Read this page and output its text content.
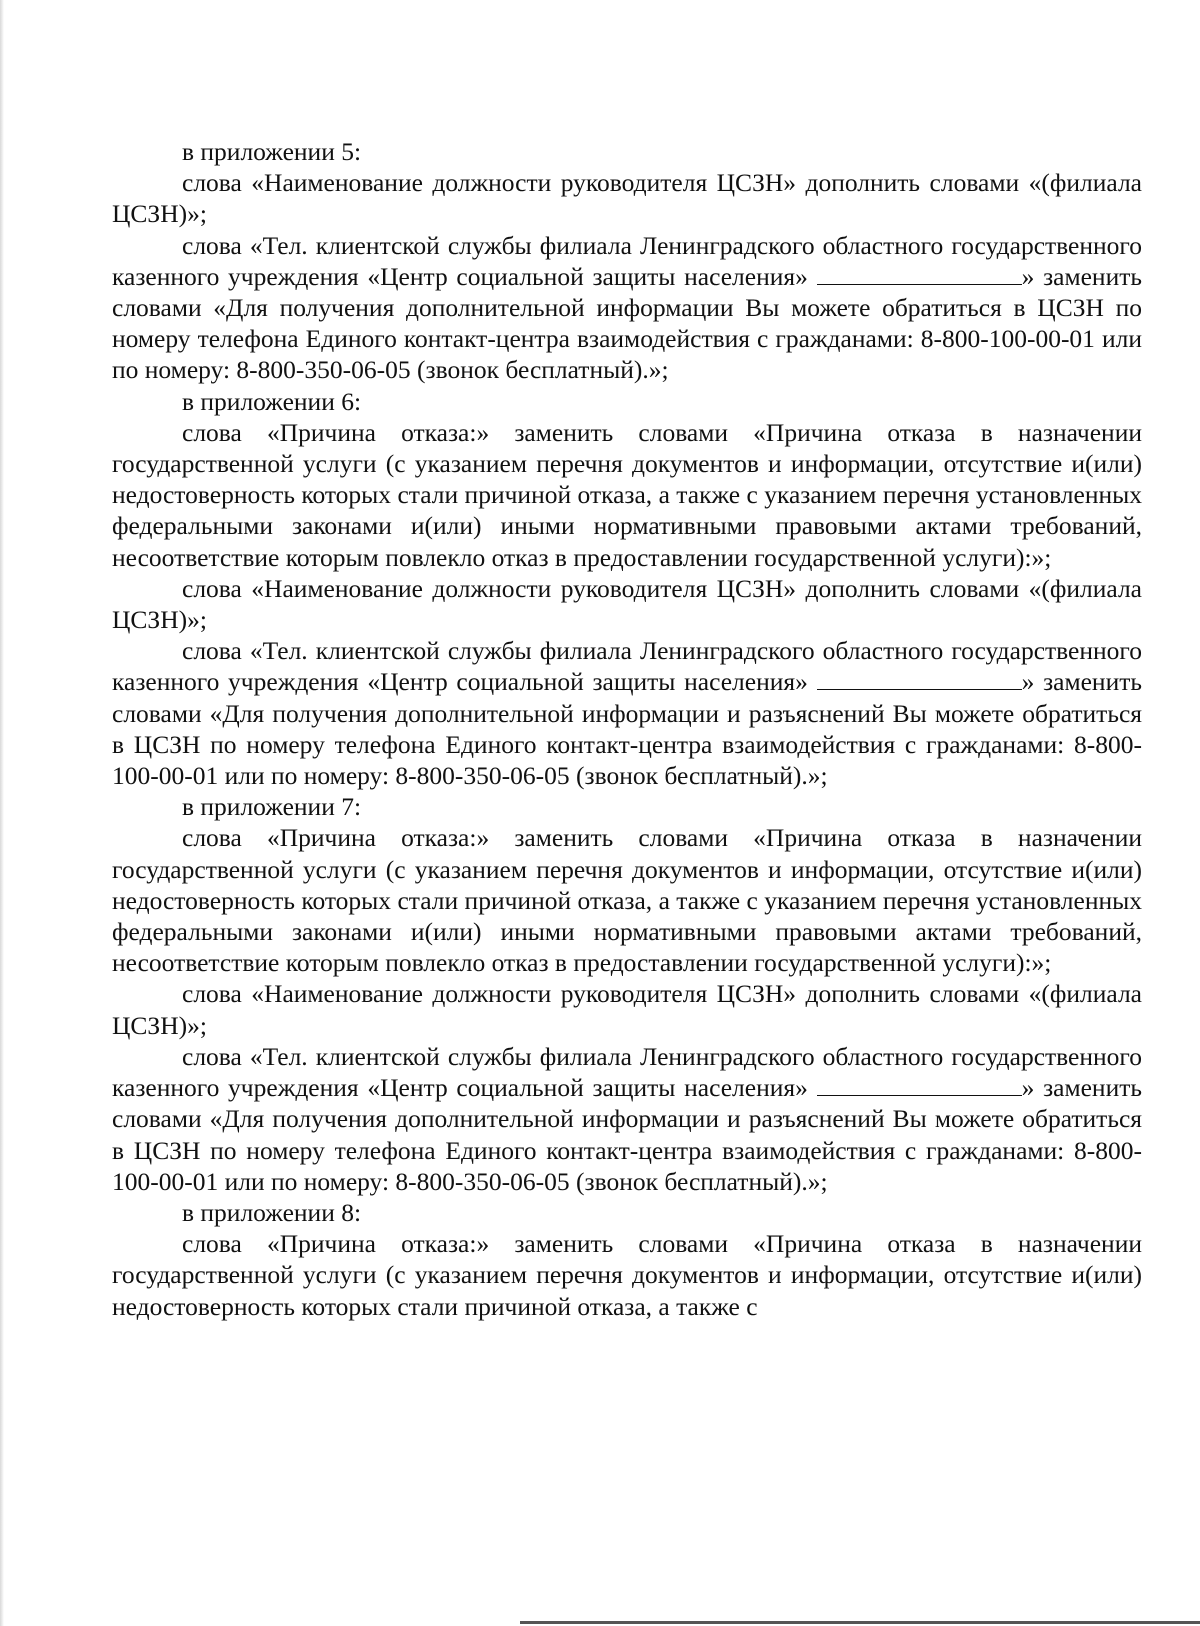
в приложении 5:

слова «Наименование должности руководителя ЦСЗН» дополнить словами «(филиала ЦСЗН)»;

слова «Тел. клиентской службы филиала Ленинградского областного государственного казенного учреждения «Центр социальной защиты населения»	» заменить словами «Для получения дополнительной информации Вы можете обратиться в ЦСЗН по номеру телефона Единого контакт-центра взаимодействия с гражданами: 8-800-100-00-01 или по номеру: 8-800-350-06-05 (звонок бесплатный).»;

в приложении 6:

слова «Причина отказа:» заменить словами «Причина отказа в назначении государственной услуги (с указанием перечня документов и информации, отсутствие и(или) недостоверность которых стали причиной отказа, а также с указанием перечня установленных федеральными законами и(или) иными нормативными правовыми актами требований, несоответствие которым повлекло отказ в предоставлении государственной услуги):»;

слова «Наименование должности руководителя ЦСЗН» дополнить словами «(филиала ЦСЗН)»;

слова «Тел. клиентской службы филиала Ленинградского областного государственного казенного учреждения «Центр социальной защиты населения»	» заменить словами «Для получения дополнительной информации и разъяснений Вы можете обратиться в ЦСЗН по номеру телефона Единого контакт-центра взаимодействия с гражданами: 8-800-100-00-01 или по номеру: 8-800-350-06-05 (звонок бесплатный).»;

в приложении 7:

слова «Причина отказа:» заменить словами «Причина отказа в назначении государственной услуги (с указанием перечня документов и информации, отсутствие и(или) недостоверность которых стали причиной отказа, а также с указанием перечня установленных федеральными законами и(или) иными нормативными правовыми актами требований, несоответствие которым повлекло отказ в предоставлении государственной услуги):»;

слова «Наименование должности руководителя ЦСЗН» дополнить словами «(филиала ЦСЗН)»;

слова «Тел. клиентской службы филиала Ленинградского областного государственного казенного учреждения «Центр социальной защиты населения»	» заменить словами «Для получения дополнительной информации и разъяснений Вы можете обратиться в ЦСЗН по номеру телефона Единого контакт-центра взаимодействия с гражданами: 8-800-100-00-01 или по номеру: 8-800-350-06-05 (звонок бесплатный).»;

в приложении 8:

слова «Причина отказа:» заменить словами «Причина отказа в назначении государственной услуги (с указанием перечня документов и информации, отсутствие и(или) недостоверность которых стали причиной отказа, а также с
